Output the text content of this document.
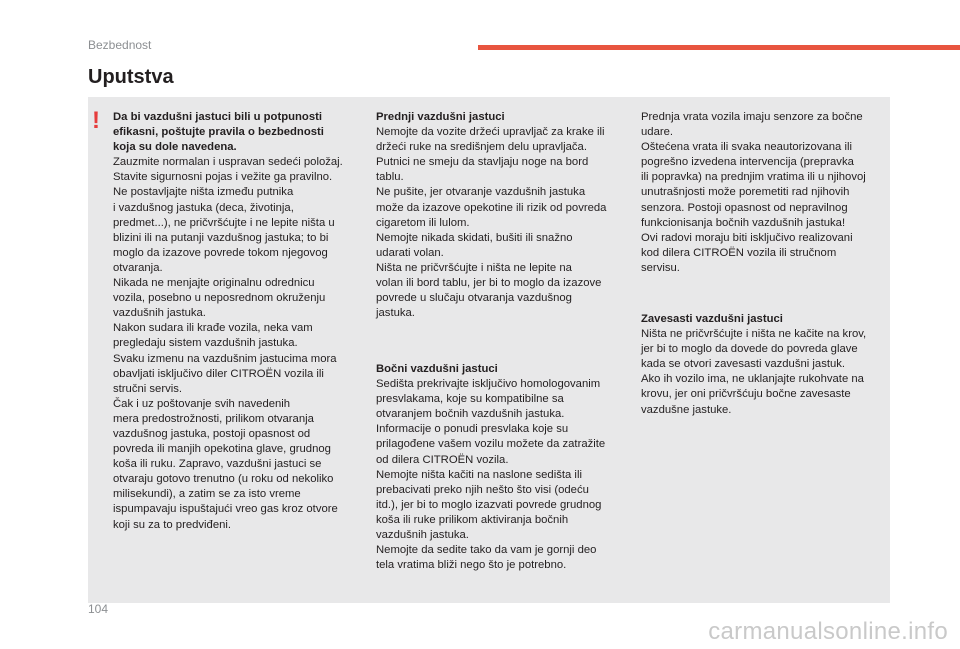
Bezbednost
Uputstva
! Da bi vazdušni jastuci bili u potpunosti
efikasni, poštujte pravila o bezbednosti
koja su dole navedena.

Zauzmite normalan i uspravan sedeći položaj.
Stavite sigurnosni pojas i vežite ga pravilno.
Ne postavljajte ništa između putnika
i vazdušnog jastuka (deca, životinja,
predmet...), ne pričvršćujte i ne lepite ništa u
blizini ili na putanji vazdušnog jastuka; to bi
moglo da izazove povrede tokom njegovog
otvaranja.
Nikada ne menjajte originalnu odrednicu
vozila, posebno u neposrednom okruženju
vazdušnih jastuka.
Nakon sudara ili krađe vozila, neka vam
pregledaju sistem vazdušnih jastuka.
Svaku izmenu na vazdušnim jastucima mora
obavljati isključivo diler CITROËN vozila ili
stručni servis.
Čak i uz poštovanje svih navedenih
mera predostrožnosti, prilikom otvaranja
vazdušnog jastuka, postoji opasnost od
povreda ili manjih opekotina glave, grudnog
koša ili ruku. Zapravo, vazdušni jastuci se
otvaraju gotovo trenutno (u roku od nekoliko
milisekundi), a zatim se za isto vreme
ispumpavaju ispuštajući vreo gas kroz otvore
koji su za to predviđeni.

Prednji vazdušni jastuci

Nemojte da vozite držeći upravljač za krake ili
držeći ruke na središnjem delu upravljača.
Putnici ne smeju da stavljaju noge na bord
tablu.
Ne pušite, jer otvaranje vazdušnih jastuka
može da izazove opekotine ili rizik od povreda
cigaretom ili lulom.
Nemojte nikada skidati, bušiti ili snažno
udarati volan.
Ništa ne pričvršćujte i ništa ne lepite na
volan ili bord tablu, jer bi to moglo da izazove
povrede u slučaju otvaranja vazdušnog
jastuka.

Bočni vazdušni jastuci

Sedišta prekrivajte isključivo homologovanim
presvlakama, koje su kompatibilne sa
otvaranjem bočnih vazdušnih jastuka.
Informacije o ponudi presvlaka koje su
prilagođene vašem vozilu možete da zatražite
od dilera CITROËN vozila.
Nemojte ništa kačiti na naslone sedišta ili
prebacivati preko njih nešto što visi (odeću
itd.), jer bi to moglo izazvati povrede grudnog
koša ili ruke prilikom aktiviranja bočnih
vazdušnih jastuka.
Nemojte da sedite tako da vam je gornji deo
tela vratima bliži nego što je potrebno.

Prednja vrata vozila imaju senzore za bočne
udare.
Oštećena vrata ili svaka neautorizovana ili
pogrešno izvedena intervencija (prepravka
ili popravka) na prednjim vratima ili u njihovoj
unutrašnjosti može poremetiti rad njihovih
senzora. Postoji opasnost od nepravilnog
funkcionisanja bočnih vazdušnih jastuka!
Ovi radovi moraju biti isključivo realizovani
kod dilera CITROËN vozila ili stručnom
servisu.

Zavesasti vazdušni jastuci

Ništa ne pričvršćujte i ništa ne kačite na krov,
jer bi to moglo da dovede do povreda glave
kada se otvori zavesasti vazdušni jastuk.
Ako ih vozilo ima, ne uklanjajte rukohvate na
krovu, jer oni pričvršćuju bočne zavesaste
vazdušne jastuke.

104
carmanualsonline.info
